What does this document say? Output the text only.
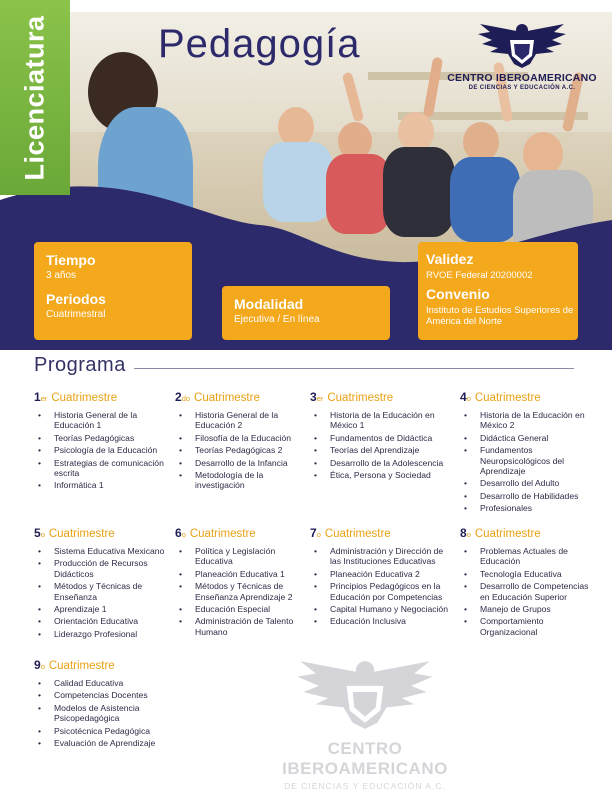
Licenciatura	Pedagogía
CENTRO IBEROAMERICANO
DE CIENCIAS Y EDUCACIÓN A.C.
Tiempo

3 años

Periodos

Cuatrimestral

Modalidad

Ejecutiva / En línea

Validez

RVOE Federal 20200002

Convenio

Instituto de Estudios Superiores de América del Norte

Programa
1er Cuatrimestre
• Historia General de la Educación 1
• Teorías Pedagógicas
• Psicología de la Educación
• Estrategias de comunicación escrita
• Informática 1
2do Cuatrimestre
• Historia General de la Educación 2
• Filosofía de la Educación
• Teorías Pedagógicas 2
• Desarrollo de la Infancia
• Metodología de la investigación
3er Cuatrimestre
• Historia de la Educación en México 1
• Fundamentos de Didáctica
• Teorías del Aprendizaje
• Desarrollo de la Adolescencia
• Ética, Persona y Sociedad
4o Cuatrimestre
• Historia de la Educación en México 2
• Didáctica General
• Fundamentos Neuropsicológicos del Aprendizaje
• Desarrollo del Adulto
• Desarrollo de Habilidades
• Profesionales
5o Cuatrimestre
• Sistema Educativa Mexicano
• Producción de Recursos Didácticos
• Métodos y Técnicas de Enseñanza
• Aprendizaje 1
• Orientación Educativa
• Liderazgo Profesional
6o Cuatrimestre
• Política y Legislación Educativa
• Planeación Educativa 1
• Métodos y Técnicas de Enseñanza Aprendizaje 2
• Educación Especial
• Administración de Talento Humano
7o Cuatrimestre
• Administración y Dirección de las Instituciones Educativas
• Planeación Educativa 2
• Principios Pedagógicos en la Educación por Competencias
• Capital Humano y Negociación
• Educación Inclusiva
8o Cuatrimestre
• Problemas Actuales de Educación
• Tecnología Educativa
• Desarrollo de Competencias en Educación Superior
• Manejo de Grupos
• Comportamiento Organizacional
9o Cuatrimestre
• Calidad Educativa
• Competencias Docentes
• Modelos de Asistencia Psicopedagógica
• Psicotécnica Pedagógica
• Evaluación de Aprendizaje	CENTRO IBEROAMERICANO
DE CIENCIAS Y EDUCACIÓN A.C.
